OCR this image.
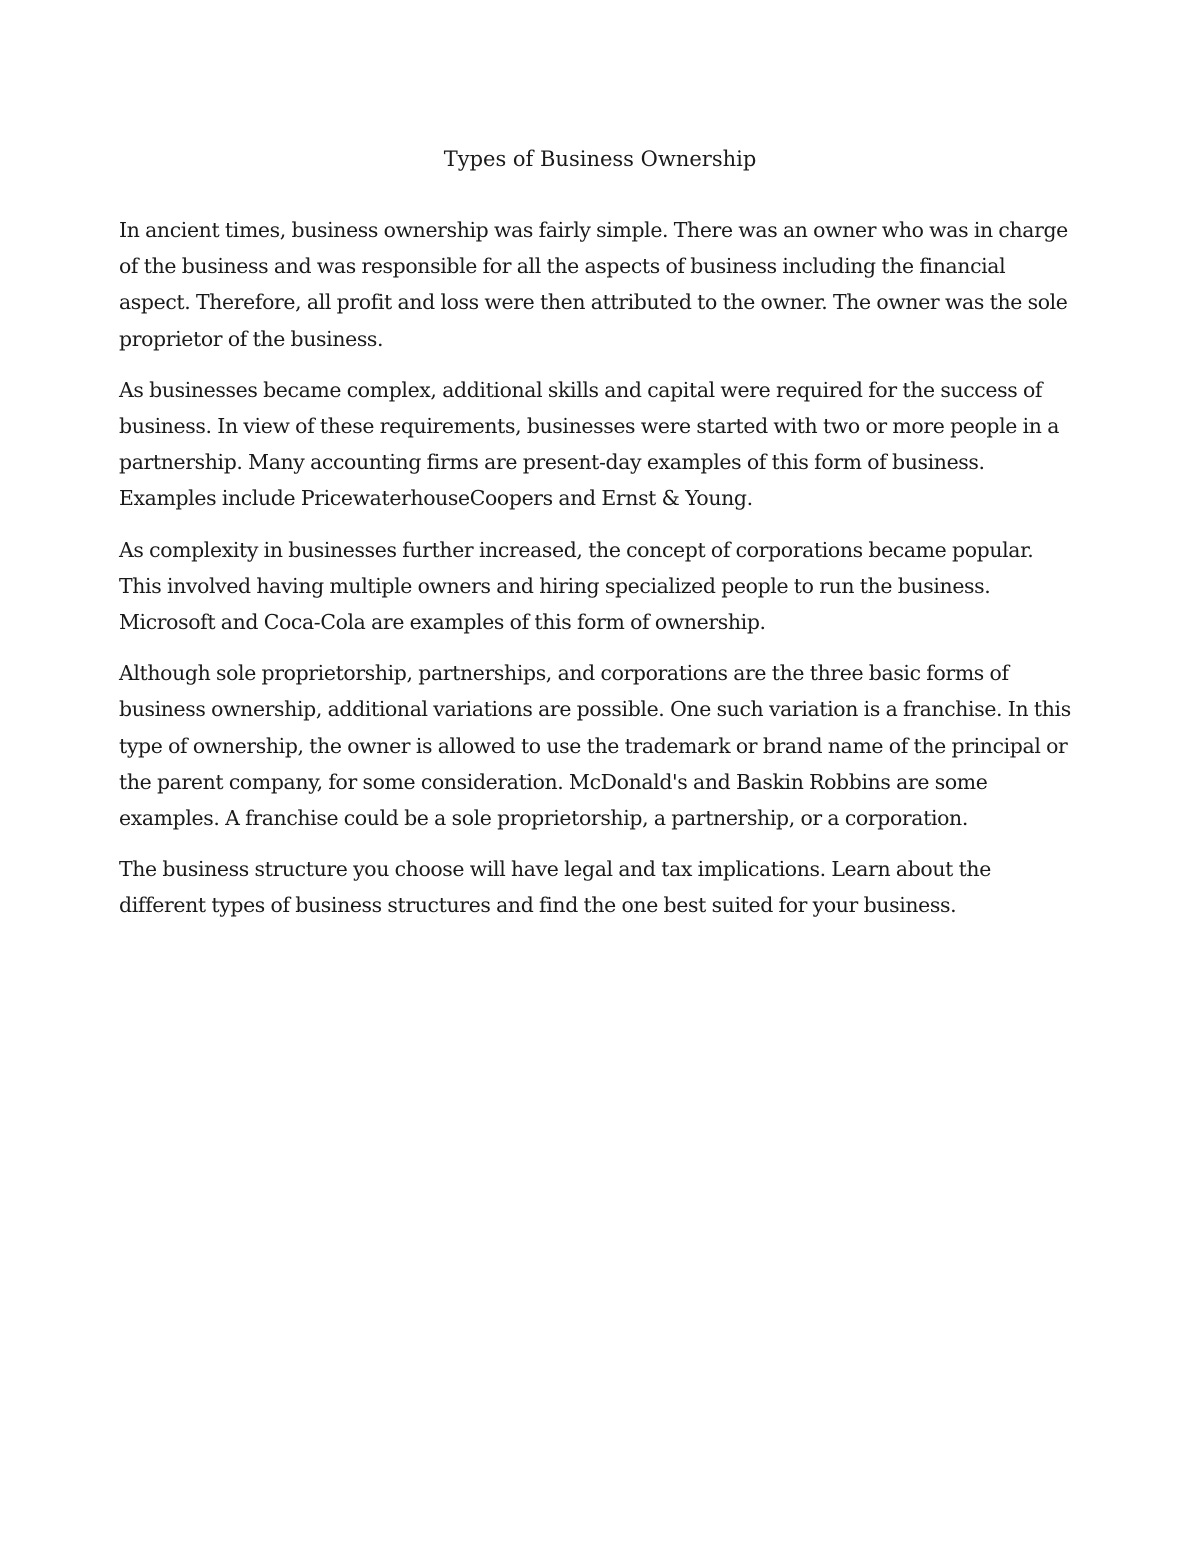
Types of Business Ownership

In ancient times, business ownership was fairly simple. There was an owner who was in charge of the business and was responsible for all the aspects of business including the financial aspect. Therefore, all profit and loss were then attributed to the owner. The owner was the sole proprietor of the business.

As businesses became complex, additional skills and capital were required for the success of business. In view of these requirements, businesses were started with two or more people in a partnership. Many accounting firms are present-day examples of this form of business. Examples include PricewaterhouseCoopers and Ernst & Young.

As complexity in businesses further increased, the concept of corporations became popular. This involved having multiple owners and hiring specialized people to run the business. Microsoft and Coca-Cola are examples of this form of ownership.

Although sole proprietorship, partnerships, and corporations are the three basic forms of business ownership, additional variations are possible. One such variation is a franchise. In this type of ownership, the owner is allowed to use the trademark or brand name of the principal or the parent company, for some consideration. McDonald's and Baskin Robbins are some examples. A franchise could be a sole proprietorship, a partnership, or a corporation.

The business structure you choose will have legal and tax implications. Learn about the different types of business structures and find the one best suited for your business.
